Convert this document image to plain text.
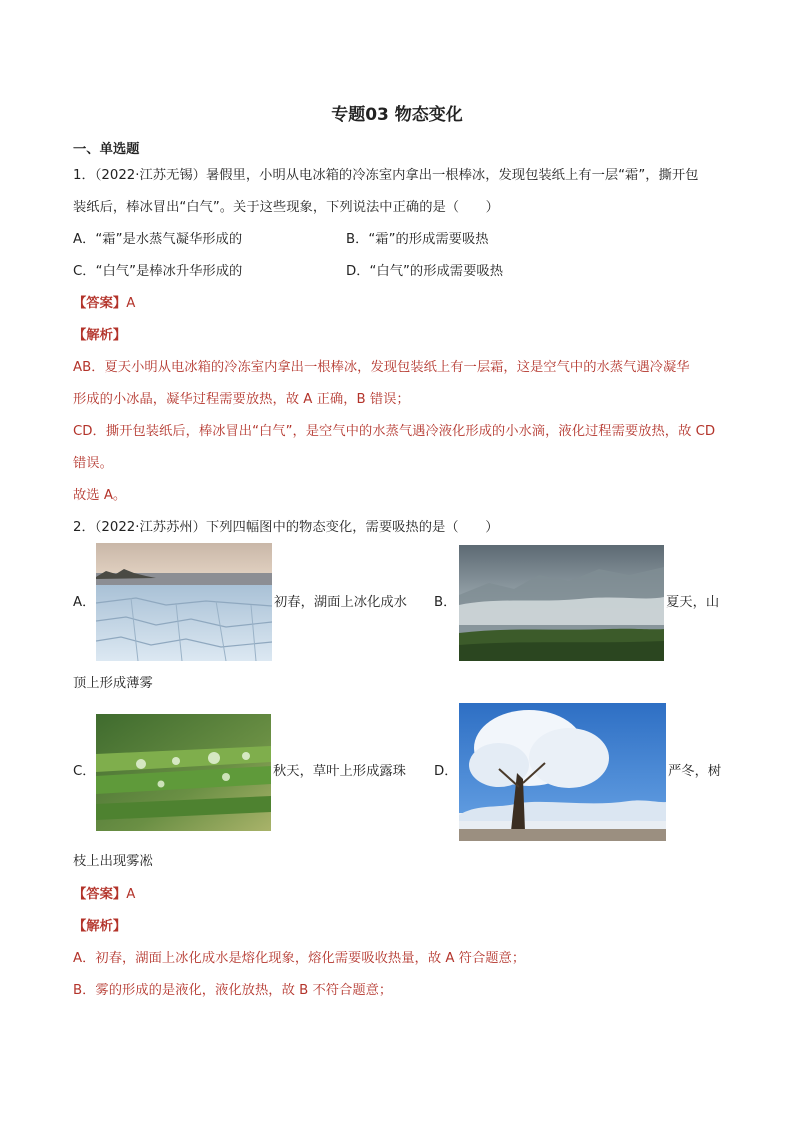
专题03 物态变化
一、单选题
1．（2022·江苏无锡）暑假里，小明从电冰箱的冷冻室内拿出一根棒冰，发现包装纸上有一层“霜”，撕开包
装纸后，棒冰冒出“白气”。关于这些现象，下列说法中正确的是（　　）
A．“霜”是水蒸气凝华形成的	B．“霜”的形成需要吸热
C．“白气”是棒冰升华形成的	D．“白气”的形成需要吸热
【答案】A
【解析】
AB．夏天小明从电冰箱的冷冻室内拿出一根棒冰，发现包装纸上有一层霜，这是空气中的水蒸气遇冷凝华
形成的小冰晶，凝华过程需要放热，故 A 正确，B 错误；
CD．撕开包装纸后，棒冰冒出“白气”，是空气中的水蒸气遇冷液化形成的小水滴，液化过程需要放热，故 CD
错误。
故选 A。
2．（2022·江苏苏州）下列四幅图中的物态变化，需要吸热的是（　　）
A．	初春，湖面上冰化成水 B．	夏天，山
顶上形成薄雾
C．	秋天，草叶上形成露珠 D．	严冬，树
枝上出现雾凇
【答案】A
【解析】
A．初春，湖面上冰化成水是熔化现象，熔化需要吸收热量，故 A 符合题意；
B．雾的形成的是液化，液化放热，故 B 不符合题意；
